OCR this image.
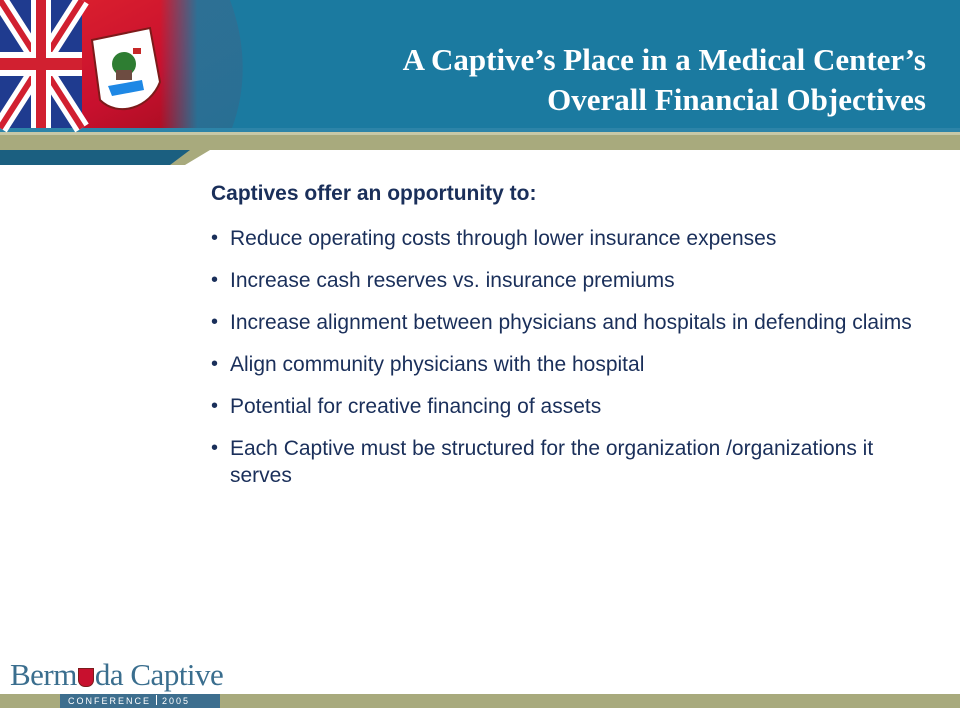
A Captive’s Place in a Medical Center’s
Overall Financial Objectives

Captives offer an opportunity to:

• Reduce operating costs through lower insurance expenses
• Increase cash reserves vs. insurance premiums
• Increase alignment between physicians and hospitals in defending claims
• Align community physicians with the hospital
• Potential for creative financing of assets
• Each Captive must be structured for the organization /organizations it serves
Berm da Captive
CONFERENCE 2005
